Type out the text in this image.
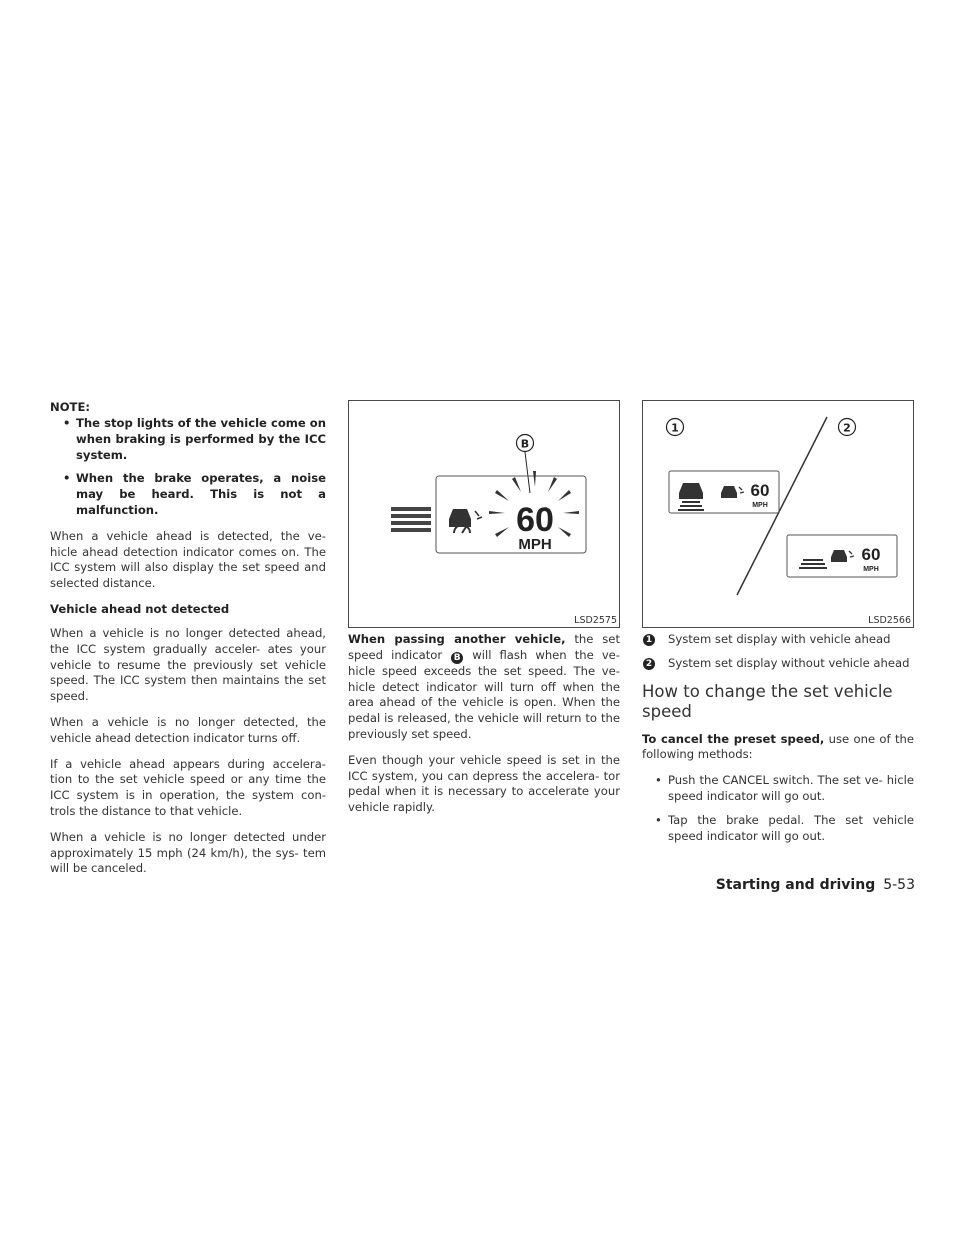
NOTE:
• The stop lights of the vehicle come on when braking is performed by the ICC system.
• When the brake operates, a noise may be heard. This is not a malfunction.

When a vehicle ahead is detected, the ve- hicle ahead detection indicator comes on. The ICC system will also display the set speed and selected distance.

Vehicle ahead not detected

When a vehicle is no longer detected ahead, the ICC system gradually acceler- ates your vehicle to resume the previously set vehicle speed. The ICC system then maintains the set speed.

When a vehicle is no longer detected, the vehicle ahead detection indicator turns off.

If a vehicle ahead appears during accelera- tion to the set vehicle speed or any time the ICC system is in operation, the system con- trols the distance to that vehicle.

When a vehicle is no longer detected under approximately 15 mph (24 km/h), the sys- tem will be canceled.

B
60
MPH
LSD2575

When passing another vehicle, the set speed indicator B will flash when the ve- hicle speed exceeds the set speed. The ve- hicle detect indicator will turn off when the area ahead of the vehicle is open. When the pedal is released, the vehicle will return to the previously set speed.

Even though your vehicle speed is set in the ICC system, you can depress the accelera- tor pedal when it is necessary to accelerate your vehicle rapidly.

1	2
60
MPH
60
MPH
LSD2566
1 System set display with vehicle ahead
2 System set display without vehicle ahead
How to change the set vehicle speed

To cancel the preset speed, use one of the following methods:

• Push the CANCEL switch. The set ve- hicle speed indicator will go out.
• Tap the brake pedal. The set vehicle speed indicator will go out.
Starting and driving 5-53
